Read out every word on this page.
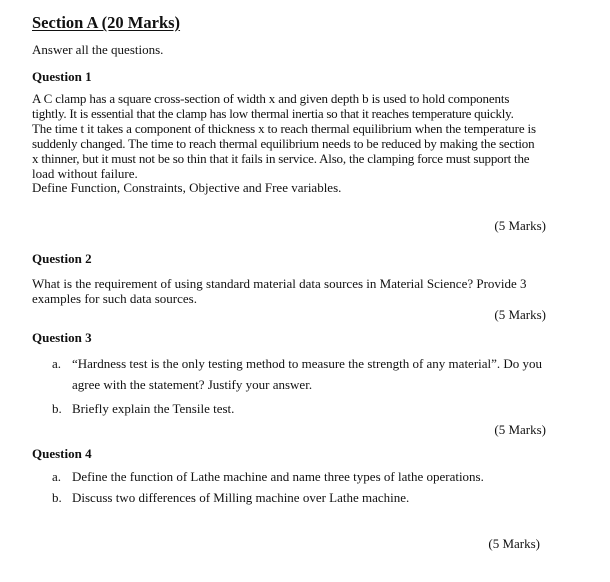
Section A (20 Marks)
Answer all the questions.
Question 1
A C clamp has a square cross-section of width x and given depth b is used to hold components
tightly. It is essential that the clamp has low thermal inertia so that it reaches temperature quickly.
The time t it takes a component of thickness x to reach thermal equilibrium when the temperature is
suddenly changed. The time to reach thermal equilibrium needs to be reduced by making the section
x thinner, but it must not be so thin that it fails in service. Also, the clamping force must support the
load without failure.
Define Function, Constraints, Objective and Free variables.
(5 Marks)
Question 2
What is the requirement of using standard material data sources in Material Science? Provide 3
examples for such data sources.
(5 Marks)
Question 3
a. “Hardness test is the only testing method to measure the strength of any material”. Do you
agree with the statement? Justify your answer.
b. Briefly explain the Tensile test.
(5 Marks)
Question 4
a. Define the function of Lathe machine and name three types of lathe operations.
b. Discuss two differences of Milling machine over Lathe machine.
(5 Marks)
